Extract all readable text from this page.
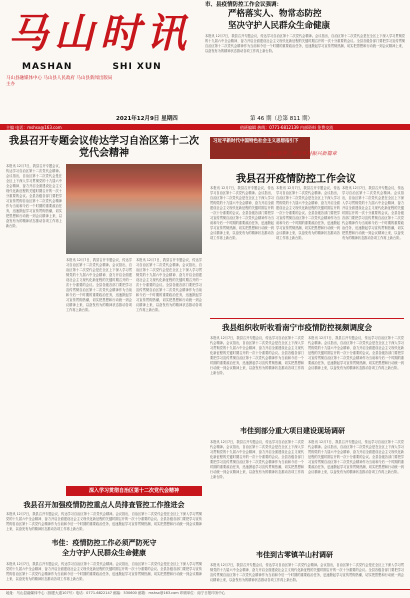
马山时讯
MASHAN	SHI XUN
马山县融媒体中心 马山县人民政府 马山县新闻出版局主办
2021年12月9日 星期四	第 46 期（总第 811 期）
主编 电话：mshsx@163.com	值班编辑 热线：0771-6812139 内部资料 免费交流
市、县疫情防控工作会议强调：
严格落实人、物常态防控
坚决守护人民群众生命健康
本报讯 12月7日，我县召开专题会议，传达学习自治区第十二次党代会精神。会议指出，自治区第十二次党代会是在全区上下深入学习贯彻党的十九届六中全会精神、奋力开启全面建设社会主义现代化新征程的关键时期召开的一次十分重要的会议。全县各级各部门要把学习宣传贯彻自治区第十二次党代会精神作为当前和今后一个时期的重要政治任务，迅速掀起学习宣传贯彻热潮，切实把思想和行动统一到会议精神上来，以奋发有为的精神状态推动各项工作再上新台阶。
我县召开专题会议传达学习自治区第十二次党代会精神
本报讯 12月7日，我县召开专题会议，传达学习自治区第十二次党代会精神。会议指出，自治区第十二次党代会是在全区上下深入学习贯彻党的十九届六中全会精神、奋力开启全面建设社会主义现代化新征程的关键时期召开的一次十分重要的会议。全县各级各部门要把学习宣传贯彻自治区第十二次党代会精神作为当前和今后一个时期的重要政治任务，迅速掀起学习宣传贯彻热潮，切实把思想和行动统一到会议精神上来，以奋发有为的精神状态推动各项工作再上新台阶。
本报讯 12月7日，我县召开专题会议，传达学习自治区第十二次党代会精神。会议指出，自治区第十二次党代会是在全区上下深入学习贯彻党的十九届六中全会精神、奋力开启全面建设社会主义现代化新征程的关键时期召开的一次十分重要的会议。全县各级各部门要把学习宣传贯彻自治区第十二次党代会精神作为当前和今后一个时期的重要政治任务，迅速掀起学习宣传贯彻热潮，切实把思想和行动统一到会议精神上来，以奋发有为的精神状态推动各项工作再上新台阶。
本报讯 12月7日，我县召开专题会议，传达学习自治区第十二次党代会精神。会议指出，自治区第十二次党代会是在全区上下深入学习贯彻党的十九届六中全会精神、奋力开启全面建设社会主义现代化新征程的关键时期召开的一次十分重要的会议。全县各级各部门要把学习宣传贯彻自治区第十二次党代会精神作为当前和今后一个时期的重要政治任务，迅速掀起学习宣传贯彻热潮，切实把思想和行动统一到会议精神上来，以奋发有为的精神状态推动各项工作再上新台阶。
深入学习贯彻自治区第十二次党代会精神
我县召开加强疫情防控重点人员排查管控工作推进会
本报讯 12月7日，我县召开专题会议，传达学习自治区第十二次党代会精神。会议指出，自治区第十二次党代会是在全区上下深入学习贯彻党的十九届六中全会精神、奋力开启全面建设社会主义现代化新征程的关键时期召开的一次十分重要的会议。全县各级各部门要把学习宣传贯彻自治区第十二次党代会精神作为当前和今后一个时期的重要政治任务，迅速掀起学习宣传贯彻热潮，切实把思想和行动统一到会议精神上来，以奋发有为的精神状态推动各项工作再上新台阶。
韦佳：疫情防控工作必须严防死守
全力守护人民群众生命健康
本报讯 12月7日，我县召开专题会议，传达学习自治区第十二次党代会精神。会议指出，自治区第十二次党代会是在全区上下深入学习贯彻党的十九届六中全会精神、奋力开启全面建设社会主义现代化新征程的关键时期召开的一次十分重要的会议。全县各级各部门要把学习宣传贯彻自治区第十二次党代会精神作为当前和今后一个时期的重要政治任务，迅速掀起学习宣传贯彻热潮，切实把思想和行动统一到会议精神上来，以奋发有为的精神状态推动各项工作再上新台阶。
习近平新时代中国特色社会主义思想指引下
一往直前奔 · 谱写乡村振兴新篇章
我县召开疫情防控工作会议
本报讯 12月7日，我县召开专题会议，传达学习自治区第十二次党代会精神。会议指出，自治区第十二次党代会是在全区上下深入学习贯彻党的十九届六中全会精神、奋力开启全面建设社会主义现代化新征程的关键时期召开的一次十分重要的会议。全县各级各部门要把学习宣传贯彻自治区第十二次党代会精神作为当前和今后一个时期的重要政治任务，迅速掀起学习宣传贯彻热潮，切实把思想和行动统一到会议精神上来，以奋发有为的精神状态推动各项工作再上新台阶。
本报讯 12月7日，我县召开专题会议，传达学习自治区第十二次党代会精神。会议指出，自治区第十二次党代会是在全区上下深入学习贯彻党的十九届六中全会精神、奋力开启全面建设社会主义现代化新征程的关键时期召开的一次十分重要的会议。全县各级各部门要把学习宣传贯彻自治区第十二次党代会精神作为当前和今后一个时期的重要政治任务，迅速掀起学习宣传贯彻热潮，切实把思想和行动统一到会议精神上来，以奋发有为的精神状态推动各项工作再上新台阶。
本报讯 12月7日，我县召开专题会议，传达学习自治区第十二次党代会精神。会议指出，自治区第十二次党代会是在全区上下深入学习贯彻党的十九届六中全会精神、奋力开启全面建设社会主义现代化新征程的关键时期召开的一次十分重要的会议。全县各级各部门要把学习宣传贯彻自治区第十二次党代会精神作为当前和今后一个时期的重要政治任务，迅速掀起学习宣传贯彻热潮，切实把思想和行动统一到会议精神上来，以奋发有为的精神状态推动各项工作再上新台阶。
我县组织收听收看南宁市疫情防控视频调度会
本报讯 12月7日，我县召开专题会议，传达学习自治区第十二次党代会精神。会议指出，自治区第十二次党代会是在全区上下深入学习贯彻党的十九届六中全会精神、奋力开启全面建设社会主义现代化新征程的关键时期召开的一次十分重要的会议。全县各级各部门要把学习宣传贯彻自治区第十二次党代会精神作为当前和今后一个时期的重要政治任务，迅速掀起学习宣传贯彻热潮，切实把思想和行动统一到会议精神上来，以奋发有为的精神状态推动各项工作再上新台阶。
本报讯 12月7日，我县召开专题会议，传达学习自治区第十二次党代会精神。会议指出，自治区第十二次党代会是在全区上下深入学习贯彻党的十九届六中全会精神、奋力开启全面建设社会主义现代化新征程的关键时期召开的一次十分重要的会议。全县各级各部门要把学习宣传贯彻自治区第十二次党代会精神作为当前和今后一个时期的重要政治任务，迅速掀起学习宣传贯彻热潮，切实把思想和行动统一到会议精神上来，以奋发有为的精神状态推动各项工作再上新台阶。
韦佳到部分重大项目建设现场调研
本报讯 12月7日，我县召开专题会议，传达学习自治区第十二次党代会精神。会议指出，自治区第十二次党代会是在全区上下深入学习贯彻党的十九届六中全会精神、奋力开启全面建设社会主义现代化新征程的关键时期召开的一次十分重要的会议。全县各级各部门要把学习宣传贯彻自治区第十二次党代会精神作为当前和今后一个时期的重要政治任务，迅速掀起学习宣传贯彻热潮，切实把思想和行动统一到会议精神上来，以奋发有为的精神状态推动各项工作再上新台阶。
本报讯 12月7日，我县召开专题会议，传达学习自治区第十二次党代会精神。会议指出，自治区第十二次党代会是在全区上下深入学习贯彻党的十九届六中全会精神、奋力开启全面建设社会主义现代化新征程的关键时期召开的一次十分重要的会议。全县各级各部门要把学习宣传贯彻自治区第十二次党代会精神作为当前和今后一个时期的重要政治任务，迅速掀起学习宣传贯彻热潮，切实把思想和行动统一到会议精神上来，以奋发有为的精神状态推动各项工作再上新台阶。
韦佳到古零镇羊山村调研
本报讯 12月7日，我县召开专题会议，传达学习自治区第十二次党代会精神。会议指出，自治区第十二次党代会是在全区上下深入学习贯彻党的十九届六中全会精神、奋力开启全面建设社会主义现代化新征程的关键时期召开的一次十分重要的会议。全县各级各部门要把学习宣传贯彻自治区第十二次党代会精神作为当前和今后一个时期的重要政治任务，迅速掀起学习宣传贯彻热潮，切实把思想和行动统一到会议精神上来，以奋发有为的精神状态推动各项工作再上新台阶。
地址：马山县融媒体中心（拥建大道107号）电话：0771-6822147 邮编：530600 邮箱：mshsx@163.com 印刷单位：南宁日报印务中心
